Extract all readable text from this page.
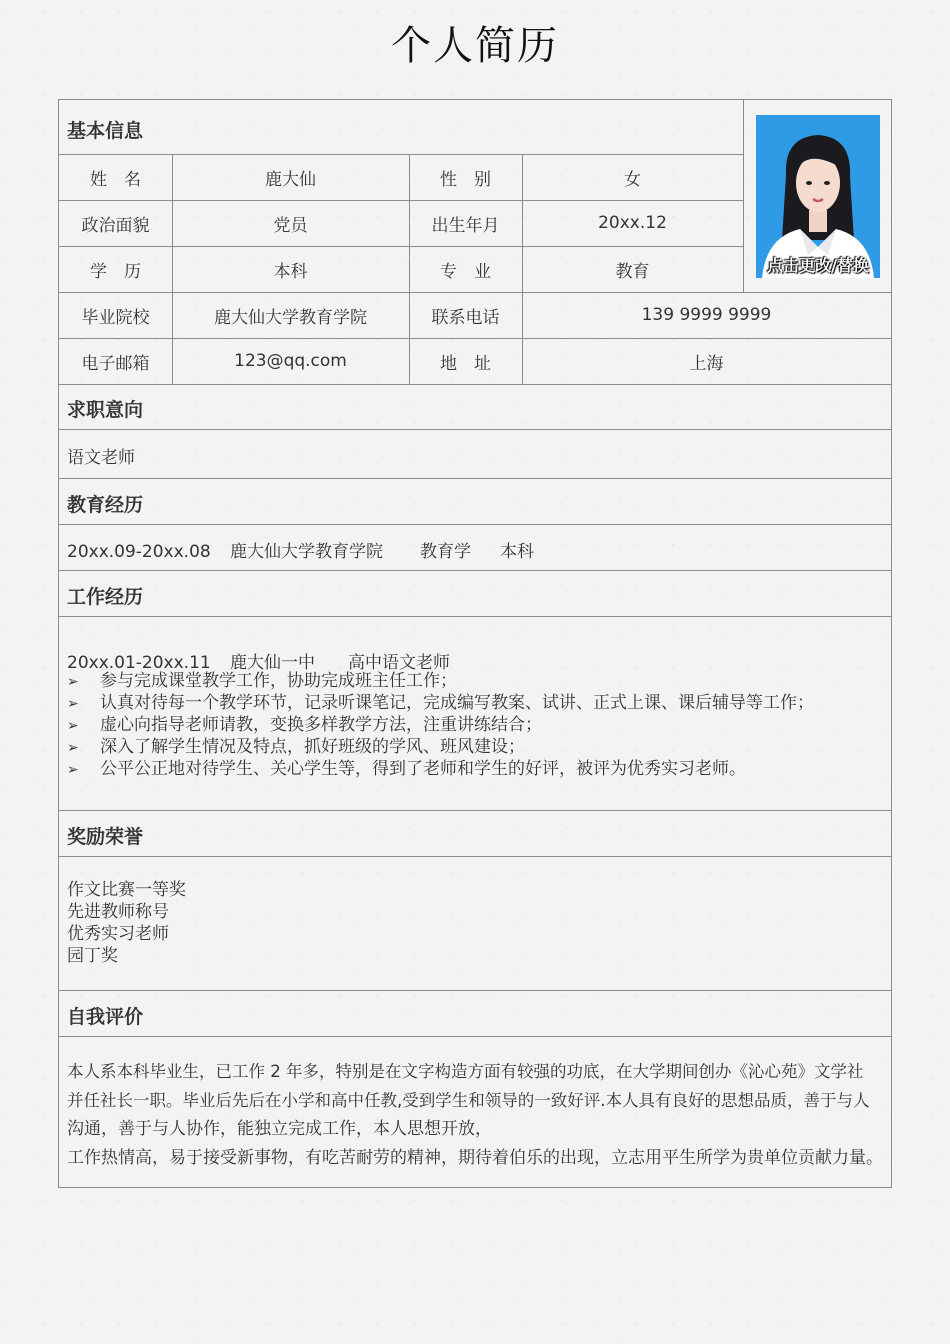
个人简历
基本信息
姓　名	鹿大仙	性　别	女
政治面貌	党员	出生年月	20xx.12
学　历	本科	专　业	教育
毕业院校	鹿大仙大学教育学院	联系电话	139 9999 9999
电子邮箱	123@qq.com	地　址	上海
点击更改/替换
求职意向
语文老师
教育经历
20xx.09-20xx.08 鹿大仙大学教育学院 教育学 本科
工作经历
20xx.01-20xx.11 鹿大仙一中 高中语文老师
➢ 参与完成课堂教学工作，协助完成班主任工作；
➢ 认真对待每一个教学环节，记录听课笔记，完成编写教案、试讲、正式上课、课后辅导等工作；
➢ 虚心向指导老师请教，变换多样教学方法，注重讲练结合；
➢ 深入了解学生情况及特点，抓好班级的学风、班风建设；
➢ 公平公正地对待学生、关心学生等，得到了老师和学生的好评，被评为优秀实习老师。
奖励荣誉
作文比赛一等奖
先进教师称号
优秀实习老师
园丁奖
自我评价
本人系本科毕业生，已工作 2 年多，特别是在文字构造方面有较强的功底，在大学期间创办《沁心苑》文学社
并任社长一职。毕业后先后在小学和高中任教,受到学生和领导的一致好评.本人具有良好的思想品质，善于与人
沟通，善于与人协作，能独立完成工作，本人思想开放，
工作热情高，易于接受新事物，有吃苦耐劳的精神，期待着伯乐的出现，立志用平生所学为贵单位贡献力量。
